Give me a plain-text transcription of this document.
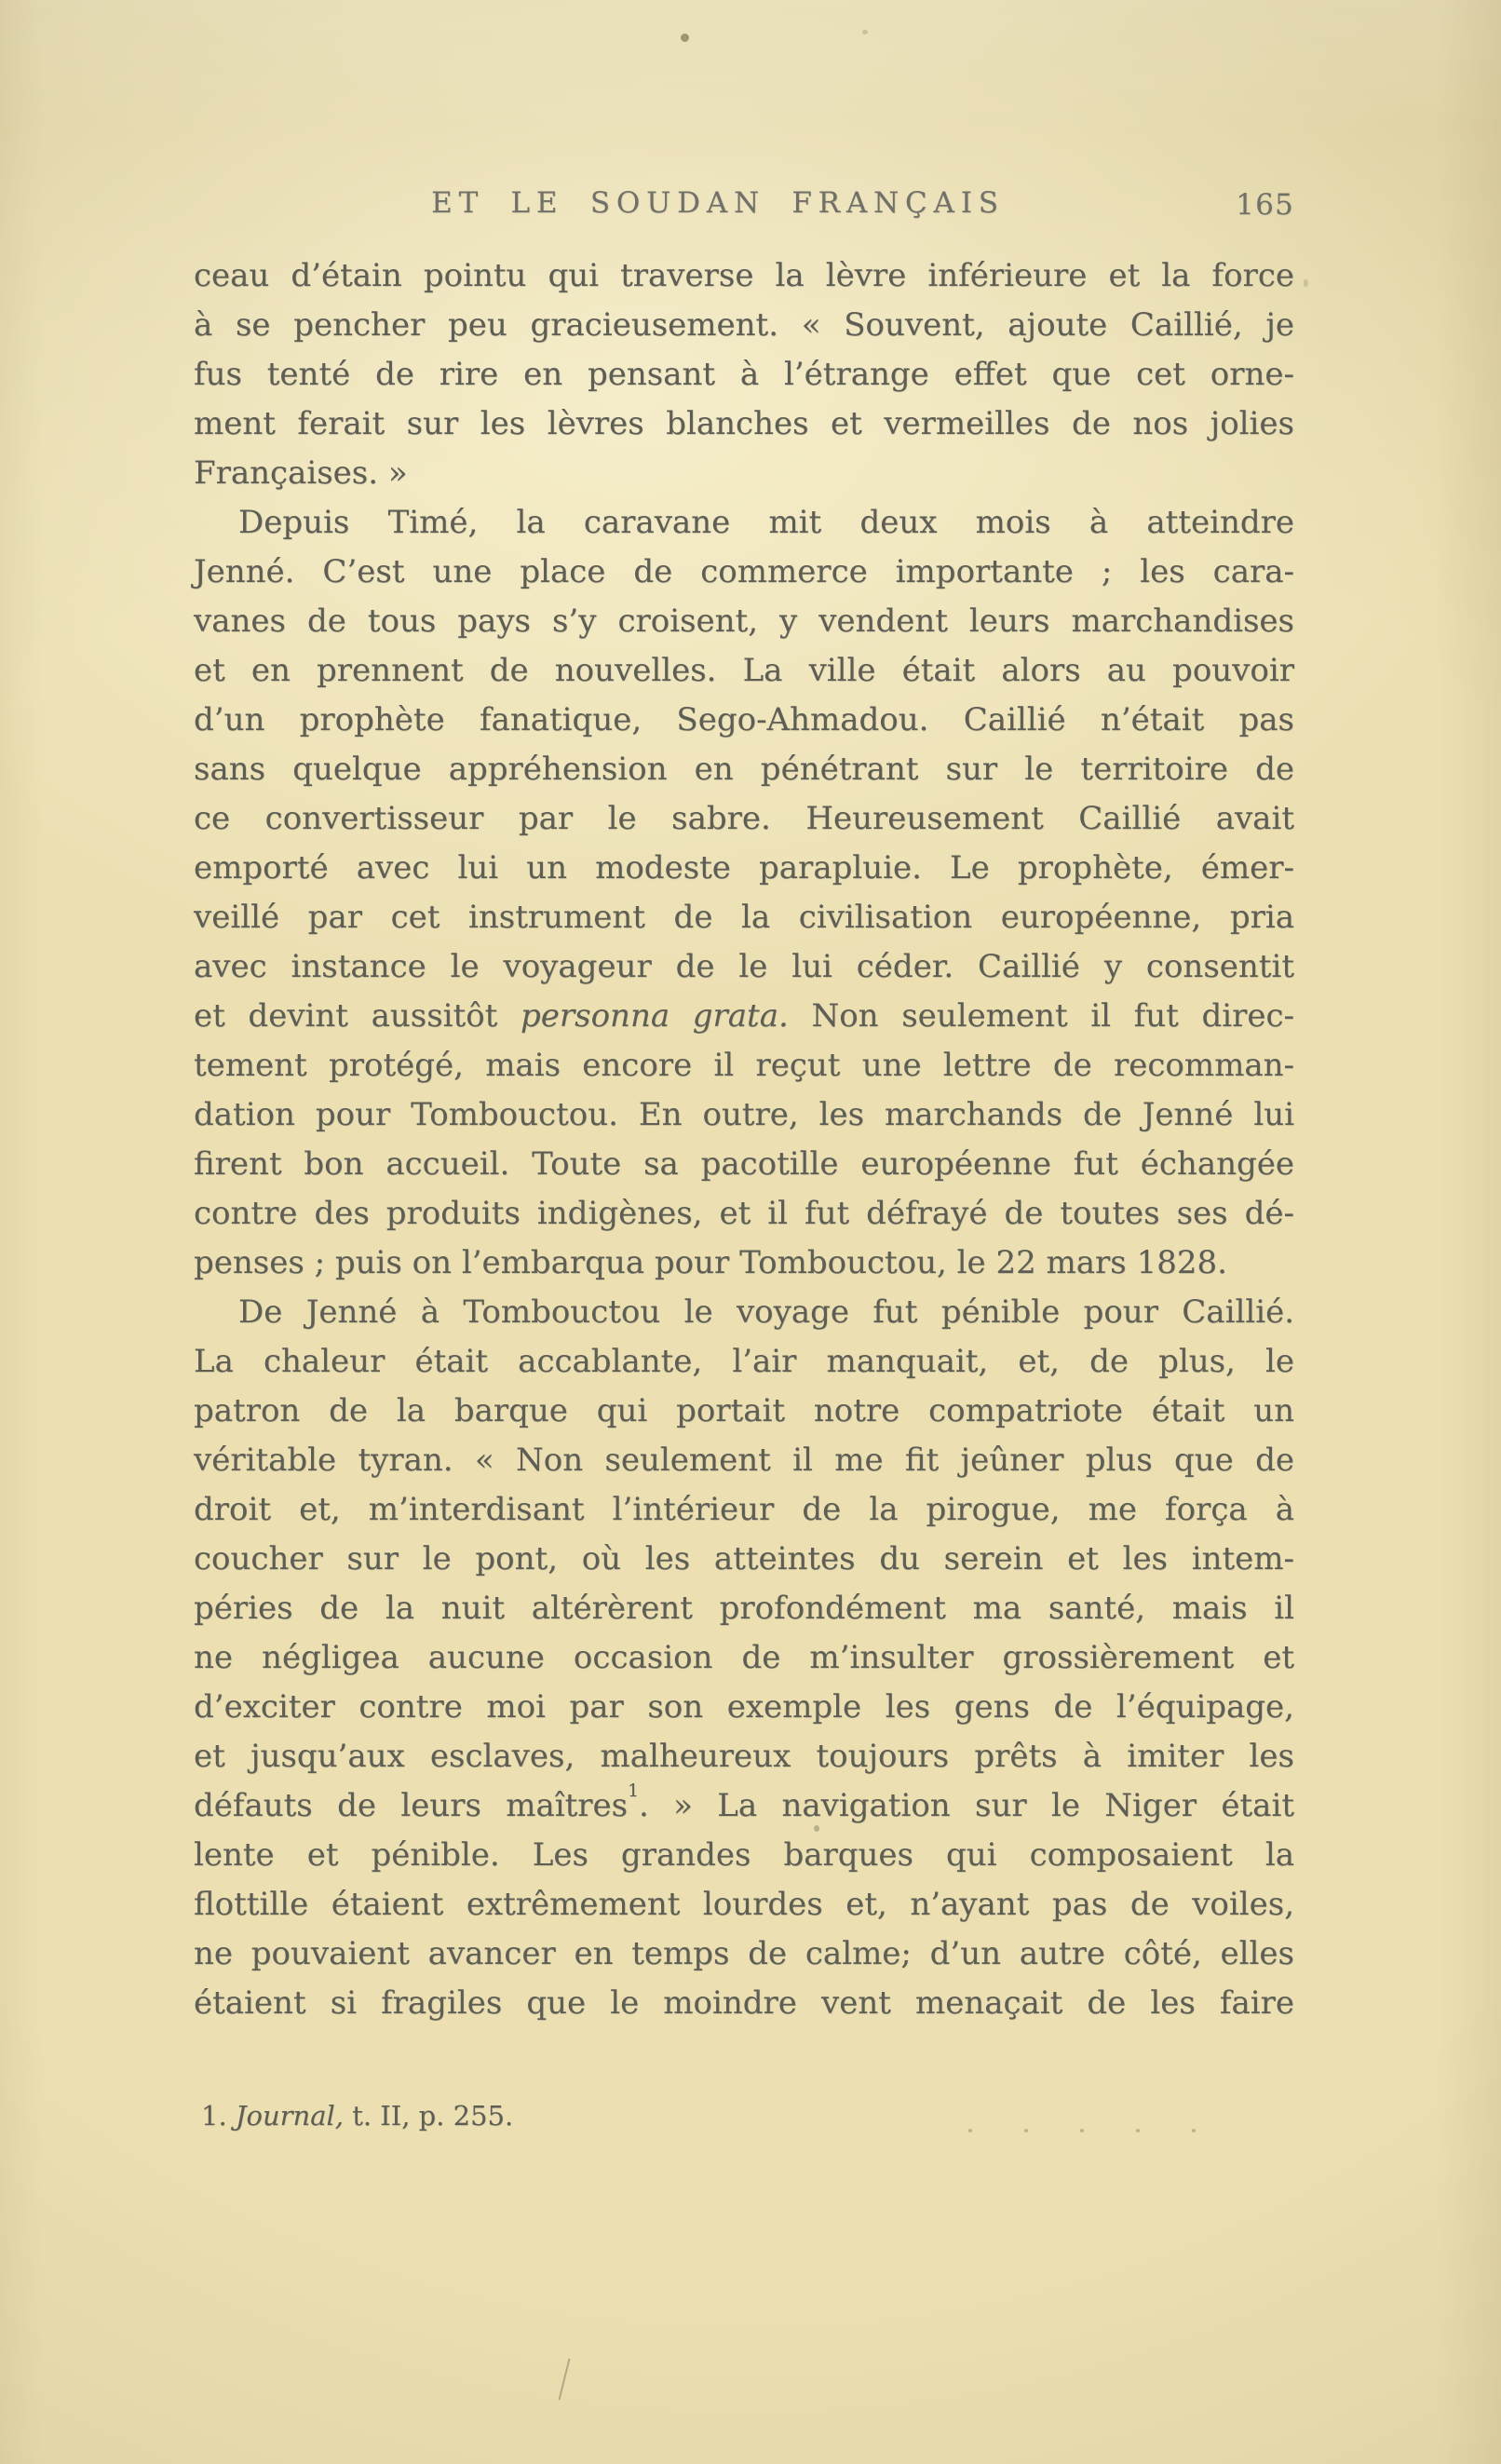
ET LE SOUDAN FRANÇAIS	165
ceau d’étain pointu qui traverse la lèvre inférieure et la force
à se pencher peu gracieusement. « Souvent, ajoute Caillié, je
fus tenté de rire en pensant à l’étrange effet que cet orne-
ment ferait sur les lèvres blanches et vermeilles de nos jolies
Françaises. »
Depuis Timé, la caravane mit deux mois à atteindre
Jenné. C’est une place de commerce importante ; les cara-
vanes de tous pays s’y croisent, y vendent leurs marchandises
et en prennent de nouvelles. La ville était alors au pouvoir
d’un prophète fanatique, Sego-Ahmadou. Caillié n’était pas
sans quelque appréhension en pénétrant sur le territoire de
ce convertisseur par le sabre. Heureusement Caillié avait
emporté avec lui un modeste parapluie. Le prophète, émer-
veillé par cet instrument de la civilisation européenne, pria
avec instance le voyageur de le lui céder. Caillié y consentit
et devint aussitôt personna grata. Non seulement il fut direc-
tement protégé, mais encore il reçut une lettre de recomman-
dation pour Tombouctou. En outre, les marchands de Jenné lui
firent bon accueil. Toute sa pacotille européenne fut échangée
contre des produits indigènes, et il fut défrayé de toutes ses dé-
penses ; puis on l’embarqua pour Tombouctou, le 22 mars 1828.
De Jenné à Tombouctou le voyage fut pénible pour Caillié.
La chaleur était accablante, l’air manquait, et, de plus, le
patron de la barque qui portait notre compatriote était un
véritable tyran. « Non seulement il me fit jeûner plus que de
droit et, m’interdisant l’intérieur de la pirogue, me força à
coucher sur le pont, où les atteintes du serein et les intem-
péries de la nuit altérèrent profondément ma santé, mais il
ne négligea aucune occasion de m’insulter grossièrement et
d’exciter contre moi par son exemple les gens de l’équipage,
et jusqu’aux esclaves, malheureux toujours prêts à imiter les
défauts de leurs maîtres$^1$. » La navigation sur le Niger était
lente et pénible. Les grandes barques qui composaient la
flottille étaient extrêmement lourdes et, n’ayant pas de voiles,
ne pouvaient avancer en temps de calme; d’un autre côté, elles
étaient si fragiles que le moindre vent menaçait de les faire
1. Journal, t. II, p. 255.
